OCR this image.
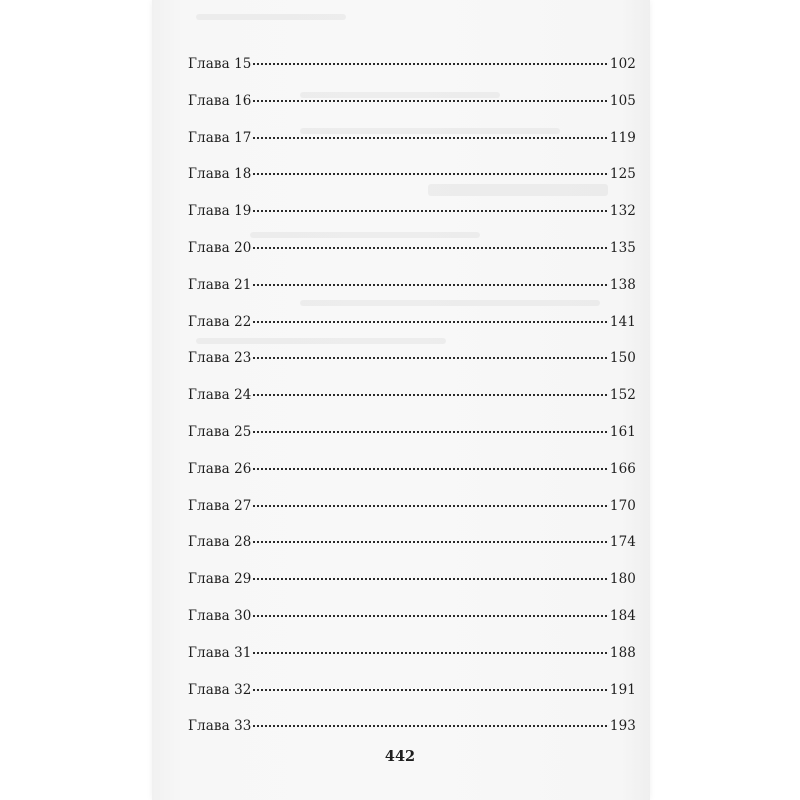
Глава 15	102
Глава 16	105
Глава 17	119
Глава 18	125
Глава 19	132
Глава 20	135
Глава 21	138
Глава 22	141
Глава 23	150
Глава 24	152
Глава 25	161
Глава 26	166
Глава 27	170
Глава 28	174
Глава 29	180
Глава 30	184
Глава 31	188
Глава 32	191
Глава 33	193
442
